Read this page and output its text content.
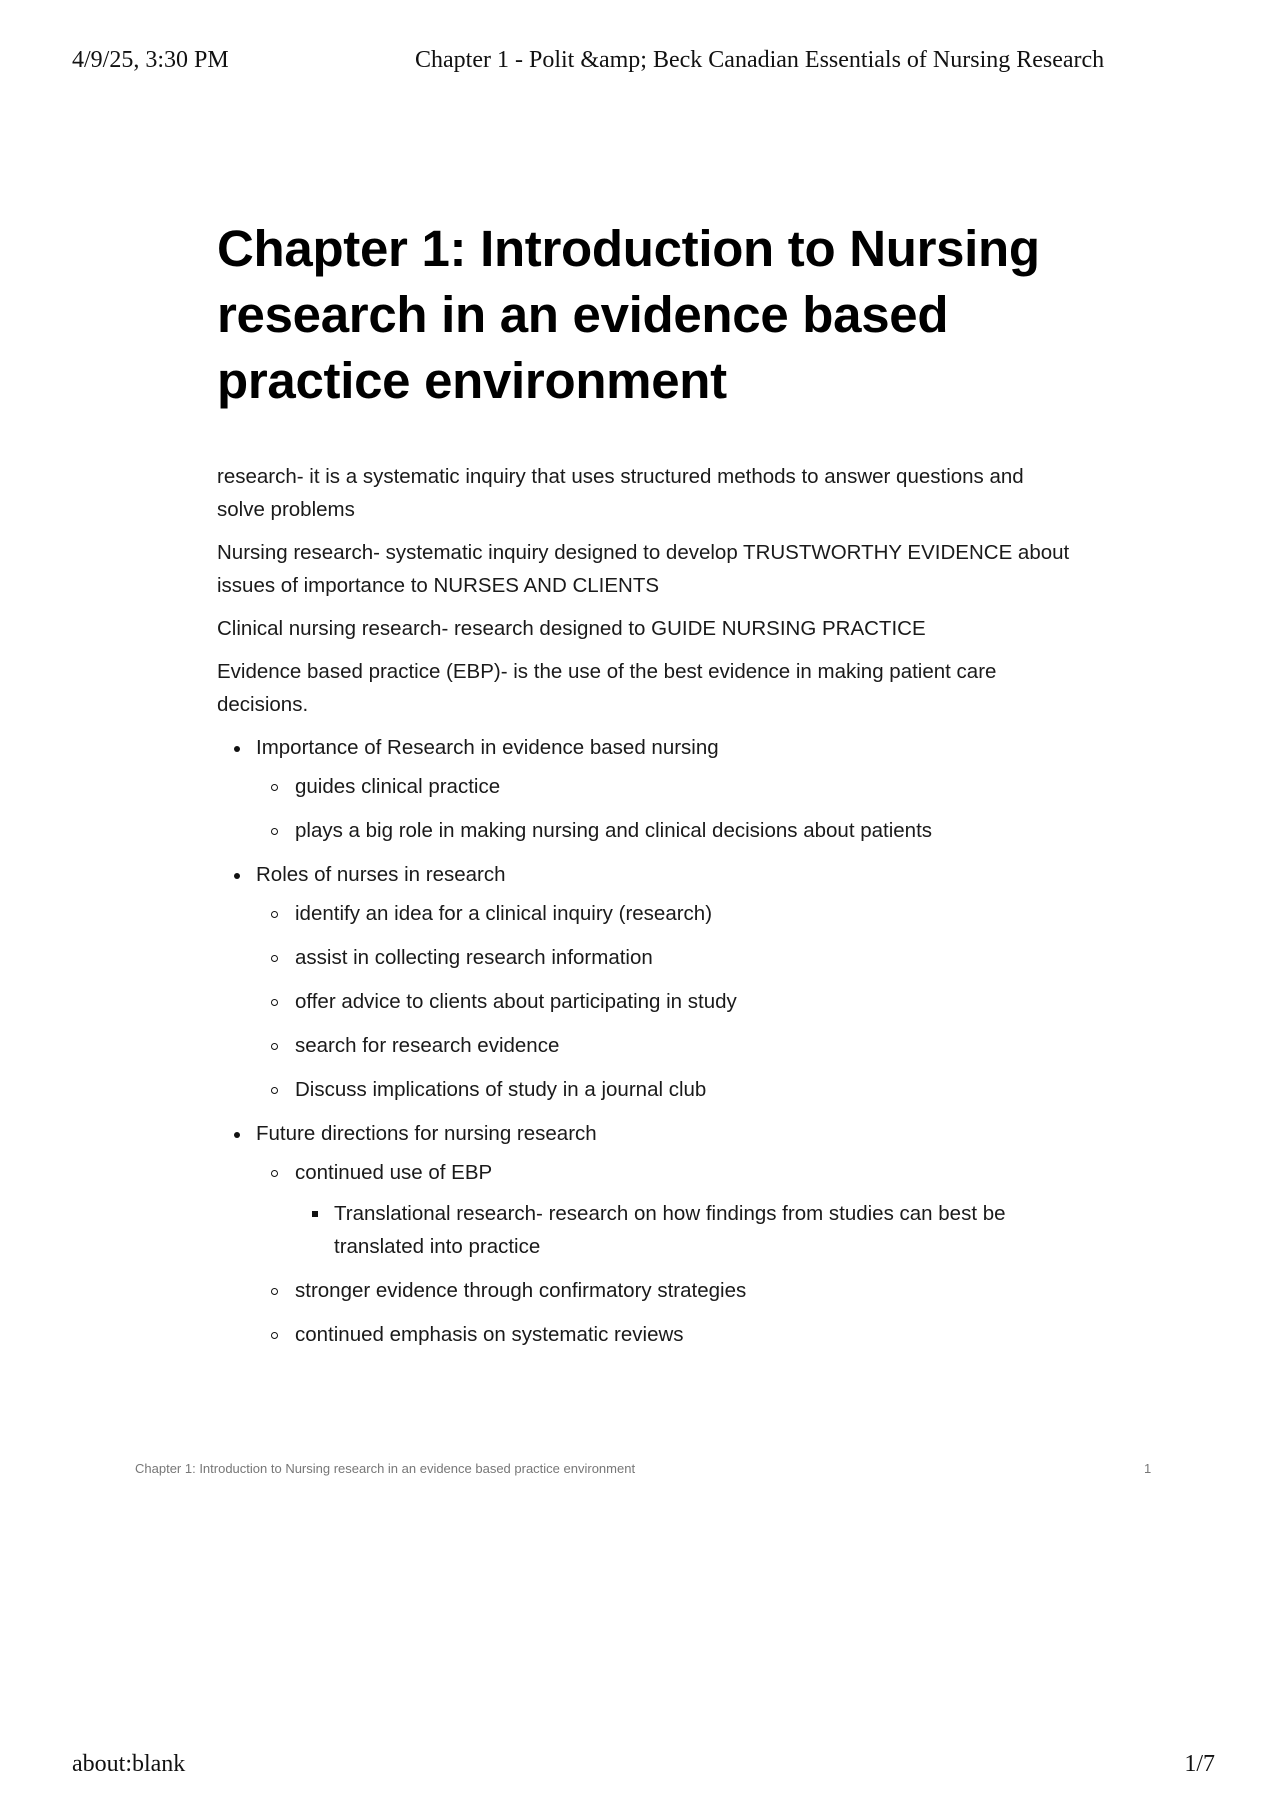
4/9/25, 3:30 PM	Chapter 1 - Polit &amp; Beck Canadian Essentials of Nursing Research
Chapter 1: Introduction to Nursing research in an evidence based practice environment

research- it is a systematic inquiry that uses structured methods to answer questions and solve problems

Nursing research- systematic inquiry designed to develop TRUSTWORTHY EVIDENCE about issues of importance to NURSES AND CLIENTS

Clinical nursing research- research designed to GUIDE NURSING PRACTICE

Evidence based practice (EBP)- is the use of the best evidence in making patient care decisions.

Importance of Research in evidence based nursing
guides clinical practice
plays a big role in making nursing and clinical decisions about patients
Roles of nurses in research
identify an idea for a clinical inquiry (research)
assist in collecting research information
offer advice to clients about participating in study
search for research evidence
Discuss implications of study in a journal club
Future directions for nursing research
continued use of EBP
Translational research- research on how findings from studies can best be translated into practice
stronger evidence through confirmatory strategies
continued emphasis on systematic reviews
Chapter 1: Introduction to Nursing research in an evidence based practice environment	1
about:blank	1/7
